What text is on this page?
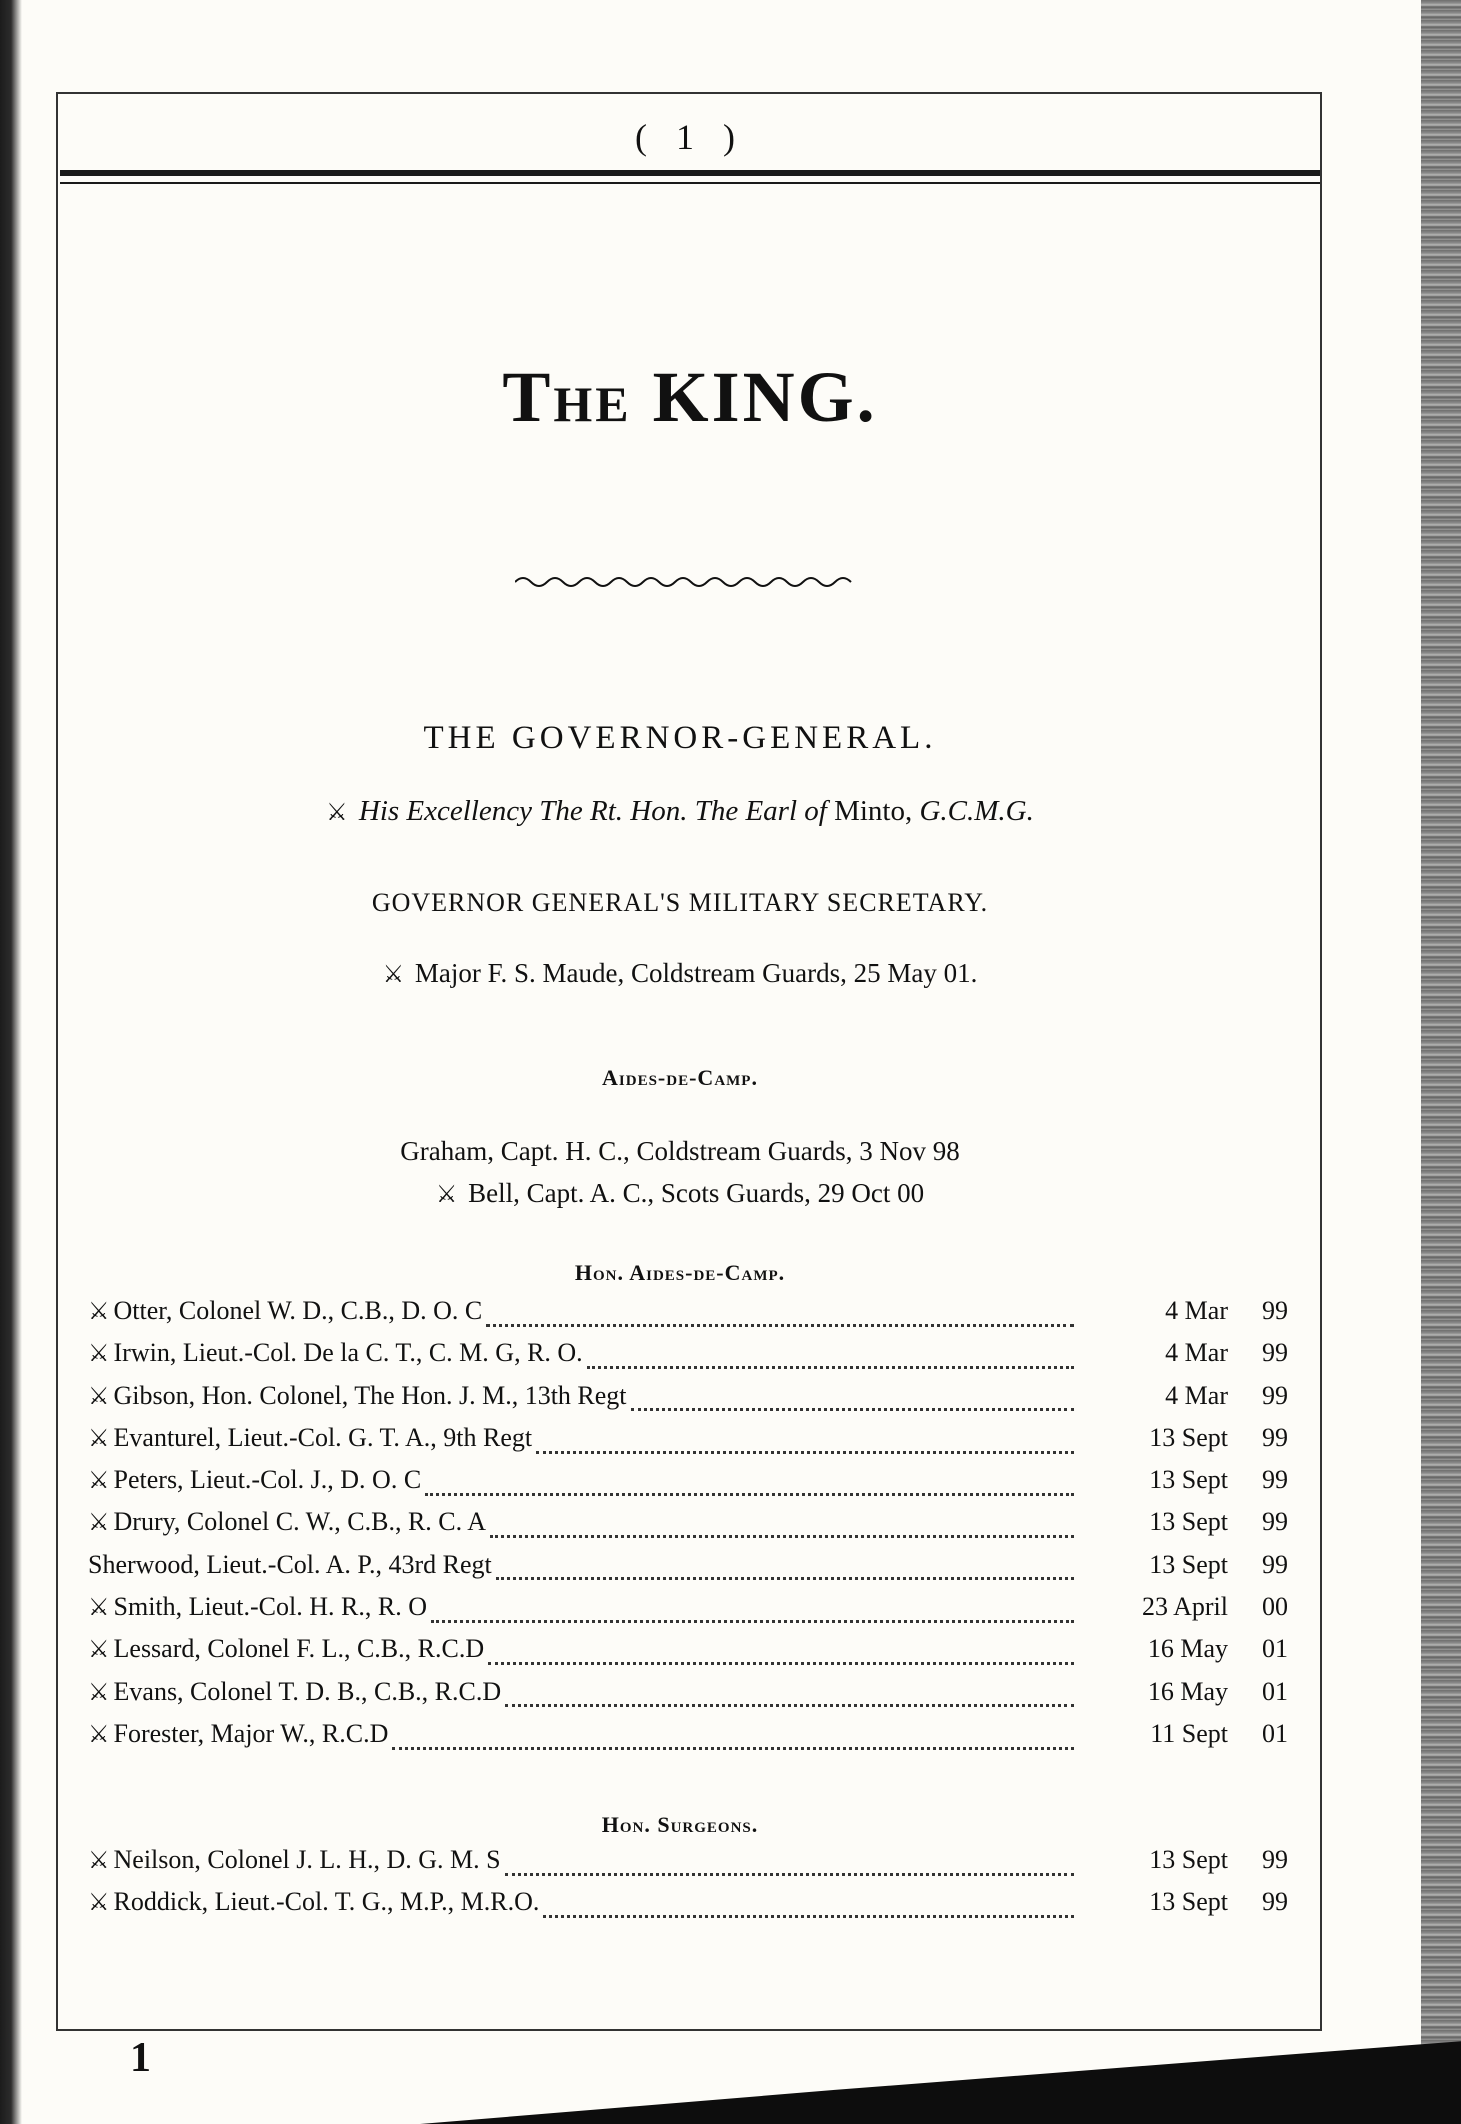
( 1 )
The KING.
THE GOVERNOR-GENERAL.
⚔ His Excellency The Rt. Hon. The Earl of Minto, G.C.M.G.
GOVERNOR GENERAL'S MILITARY SECRETARY.
⚔ Major F. S. Maude, Coldstream Guards, 25 May 01.
Aides-de-Camp.
Graham, Capt. H. C., Coldstream Guards, 3 Nov 98
⚔ Bell, Capt. A. C., Scots Guards, 29 Oct 00
Hon. Aides-de-Camp.
⚔ Otter, Colonel W. D., C.B., D. O. C	4 Mar	99
⚔ Irwin, Lieut.-Col. De la C. T., C. M. G, R. O.	4 Mar	99
⚔ Gibson, Hon. Colonel, The Hon. J. M., 13th Regt	4 Mar	99
⚔ Evanturel, Lieut.-Col. G. T. A., 9th Regt	13 Sept	99
⚔ Peters, Lieut.-Col. J., D. O. C	13 Sept	99
⚔ Drury, Colonel C. W., C.B., R. C. A	13 Sept	99
Sherwood, Lieut.-Col. A. P., 43rd Regt	13 Sept	99
⚔ Smith, Lieut.-Col. H. R., R. O	23 April	00
⚔ Lessard, Colonel F. L., C.B., R.C.D	16 May	01
⚔ Evans, Colonel T. D. B., C.B., R.C.D	16 May	01
⚔ Forester, Major W., R.C.D	11 Sept	01
Hon. Surgeons.
⚔ Neilson, Colonel J. L. H., D. G. M. S	13 Sept	99
⚔ Roddick, Lieut.-Col. T. G., M.P., M.R.O.	13 Sept	99
1
